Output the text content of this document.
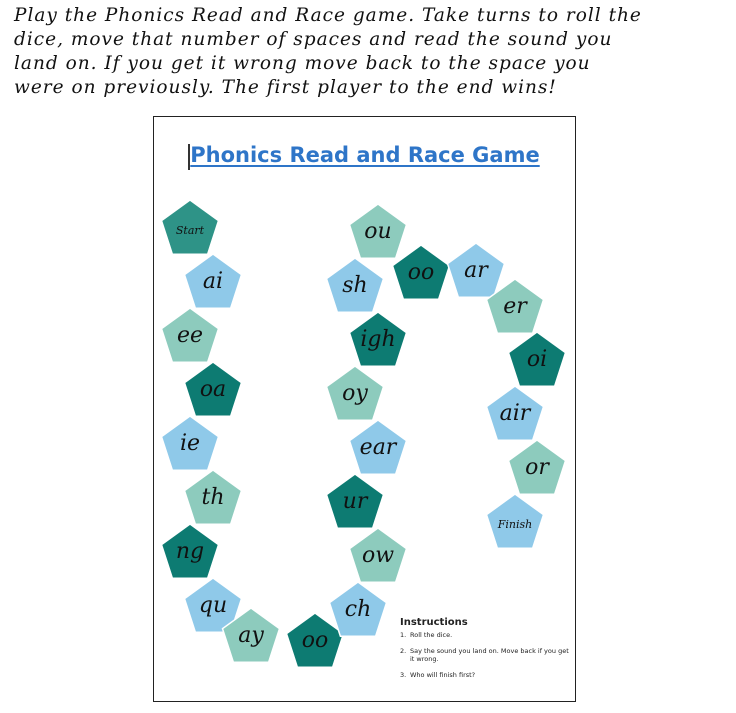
Play the Phonics Read and Race game. Take turns to roll the
dice, move that number of spaces and read the sound you
land on. If you get it wrong move back to the space you
were on previously. The first player to the end wins!
Phonics Read and Race Game
Start
ai
ee
oa
ie
th
ng
qu
ay oo
ch
ow
ur
ear
oy
igh
sh
ou
oo ar
er
oi
air
or
Finish
Instructions
1. Roll the dice.
2. Say the sound you land on. Move back if you get it wrong.
3. Who will finish first?
